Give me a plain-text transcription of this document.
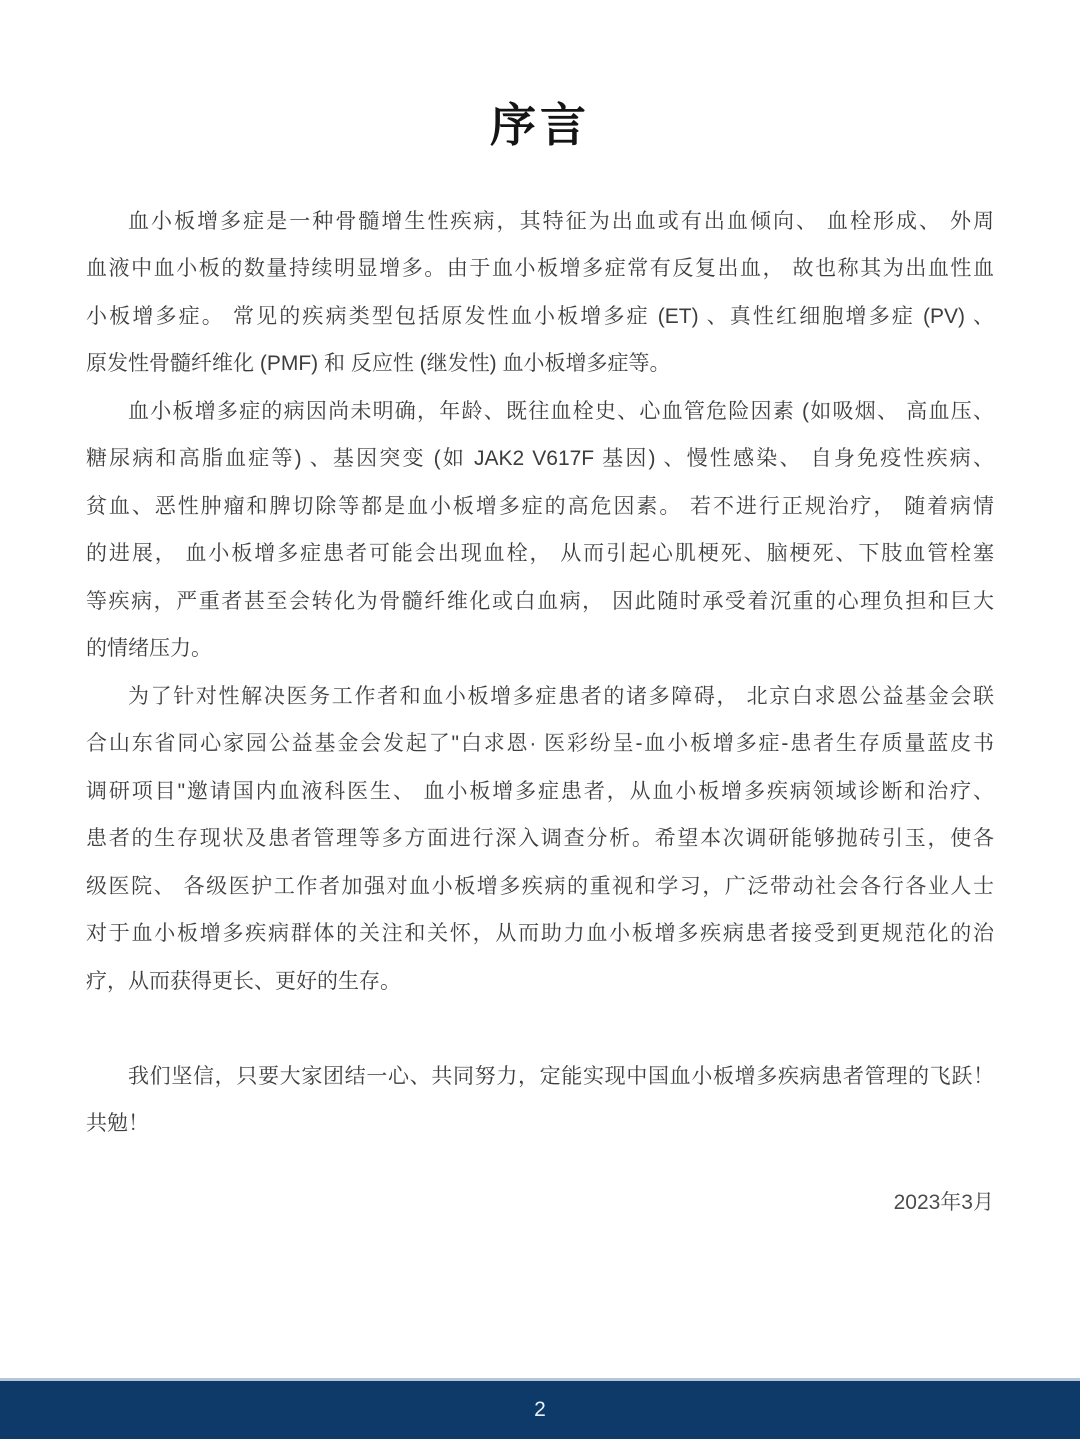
序言
血小板增多症是一种骨髓增生性疾病，其特征为出血或有出血倾向、 血栓形成、 外周
血液中血小板的数量持续明显增多。由于血小板增多症常有反复出血， 故也称其为出血性血
小板增多症。 常见的疾病类型包括原发性血小板增多症 (ET) 、真性红细胞增多症 (PV) 、
原发性骨髓纤维化 (PMF) 和 反应性 (继发性) 血小板增多症等。
血小板增多症的病因尚未明确，年龄、既往血栓史、心血管危险因素 (如吸烟、 高血压、
糖尿病和高脂血症等) 、基因突变 (如 JAK2 V617F 基因) 、慢性感染、 自身免疫性疾病、
贫血、恶性肿瘤和脾切除等都是血小板增多症的高危因素。 若不进行正规治疗， 随着病情
的进展， 血小板增多症患者可能会出现血栓， 从而引起心肌梗死、脑梗死、下肢血管栓塞
等疾病，严重者甚至会转化为骨髓纤维化或白血病， 因此随时承受着沉重的心理负担和巨大
的情绪压力。
为了针对性解决医务工作者和血小板增多症患者的诸多障碍， 北京白求恩公益基金会联
合山东省同心家园公益基金会发起了"白求恩· 医彩纷呈-血小板增多症-患者生存质量蓝皮书
调研项目"邀请国内血液科医生、 血小板增多症患者，从血小板增多疾病领域诊断和治疗、
患者的生存现状及患者管理等多方面进行深入调查分析。希望本次调研能够抛砖引玉，使各
级医院、 各级医护工作者加强对血小板增多疾病的重视和学习，广泛带动社会各行各业人士
对于血小板增多疾病群体的关注和关怀，从而助力血小板增多疾病患者接受到更规范化的治
疗，从而获得更长、更好的生存。
我们坚信，只要大家团结一心、共同努力，定能实现中国血小板增多疾病患者管理的飞跃！
共勉！
2023年3月
2
